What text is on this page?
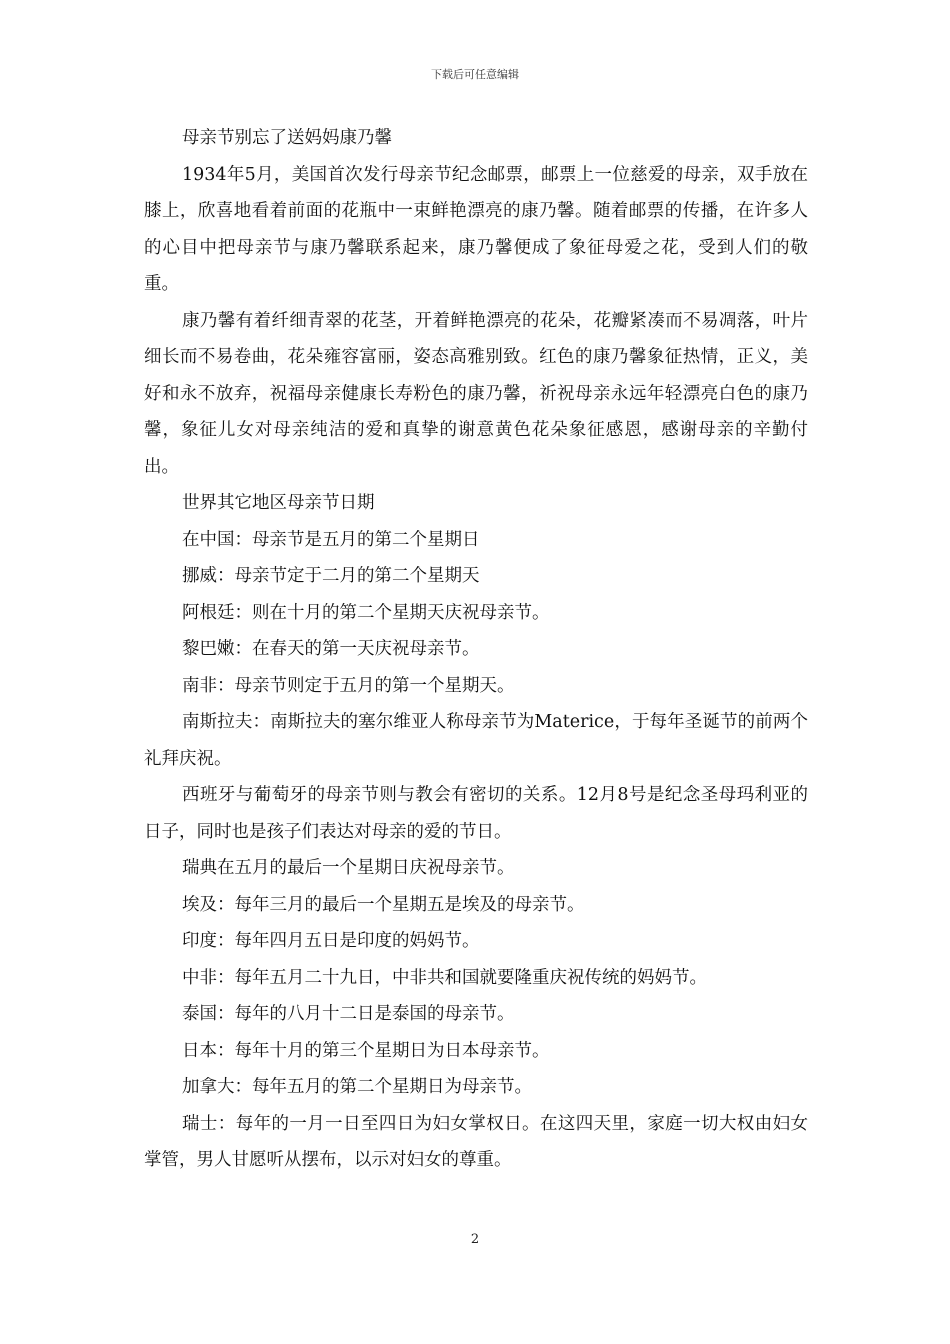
下载后可任意编辑

母亲节别忘了送妈妈康乃馨

1934年5月，美国首次发行母亲节纪念邮票，邮票上一位慈爱的母亲，双手放在膝上，欣喜地看着前面的花瓶中一束鲜艳漂亮的康乃馨。随着邮票的传播，在许多人的心目中把母亲节与康乃馨联系起来，康乃馨便成了象征母爱之花，受到人们的敬重。

康乃馨有着纤细青翠的花茎，开着鲜艳漂亮的花朵，花瓣紧凑而不易凋落，叶片细长而不易卷曲，花朵雍容富丽，姿态高雅别致。红色的康乃馨象征热情，正义，美好和永不放弃，祝福母亲健康长寿粉色的康乃馨，祈祝母亲永远年轻漂亮白色的康乃馨，象征儿女对母亲纯洁的爱和真挚的谢意黄色花朵象征感恩，感谢母亲的辛勤付出。

世界其它地区母亲节日期

在中国：母亲节是五月的第二个星期日

挪威：母亲节定于二月的第二个星期天

阿根廷：则在十月的第二个星期天庆祝母亲节。

黎巴嫩：在春天的第一天庆祝母亲节。

南非：母亲节则定于五月的第一个星期天。

南斯拉夫：南斯拉夫的塞尔维亚人称母亲节为Materice，于每年圣诞节的前两个礼拜庆祝。

西班牙与葡萄牙的母亲节则与教会有密切的关系。12月8号是纪念圣母玛利亚的日子，同时也是孩子们表达对母亲的爱的节日。

瑞典在五月的最后一个星期日庆祝母亲节。

埃及：每年三月的最后一个星期五是埃及的母亲节。

印度：每年四月五日是印度的妈妈节。

中非：每年五月二十九日，中非共和国就要隆重庆祝传统的妈妈节。

泰国：每年的八月十二日是泰国的母亲节。

日本：每年十月的第三个星期日为日本母亲节。

加拿大：每年五月的第二个星期日为母亲节。

瑞士：每年的一月一日至四日为妇女掌权日。在这四天里，家庭一切大权由妇女掌管，男人甘愿听从摆布，以示对妇女的尊重。

2
